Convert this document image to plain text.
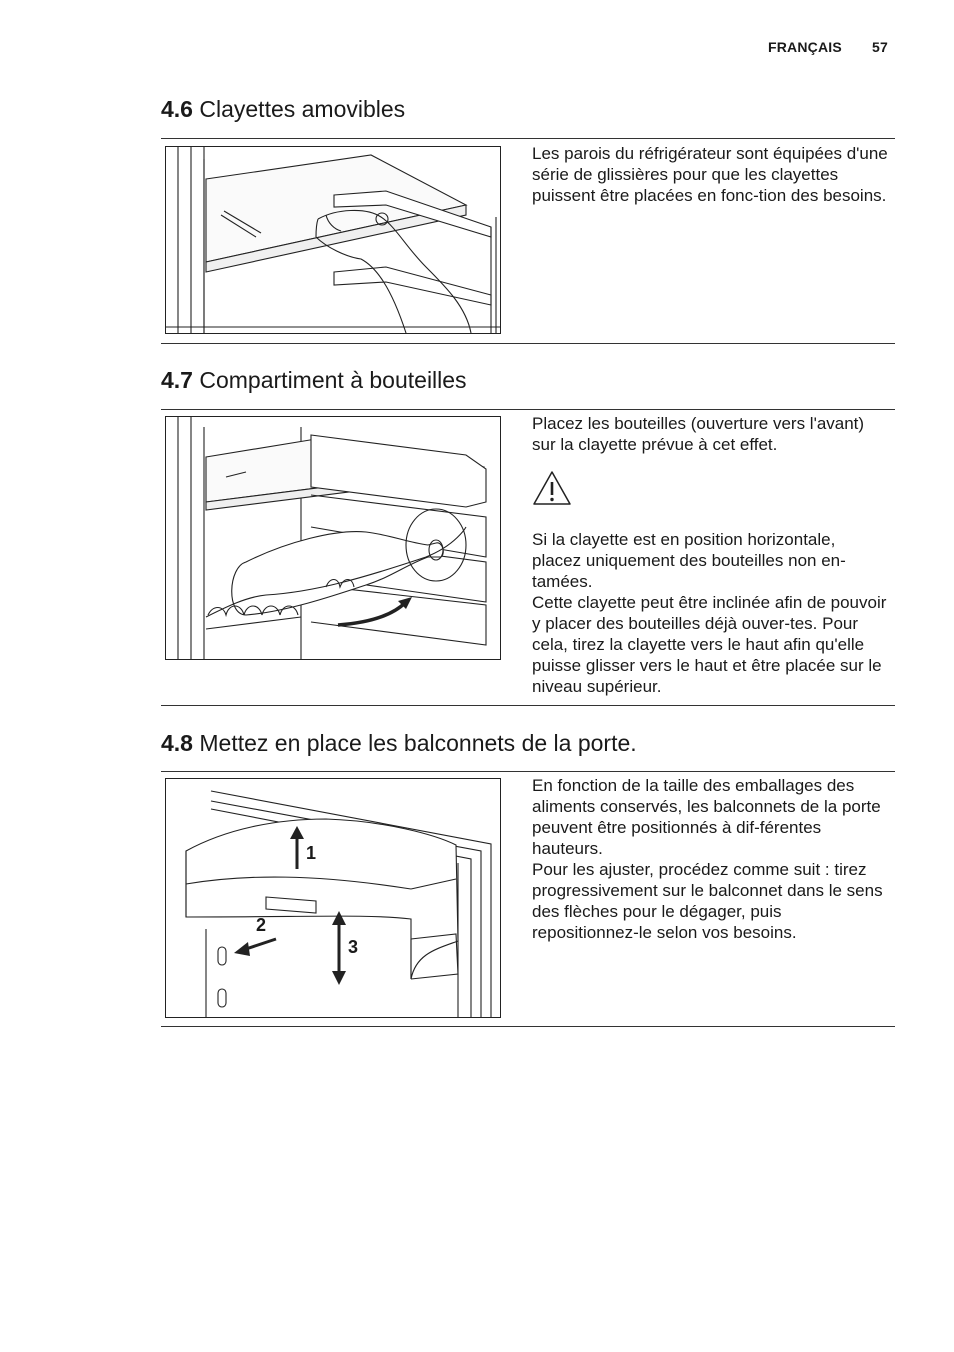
FRANÇAIS 57
4.6 Clayettes amovibles

Les parois du réfrigérateur sont équipées d'une série de glissières pour que les clayettes puissent être placées en fonc-tion des besoins.

4.7 Compartiment à bouteilles

Placez les bouteilles (ouverture vers l'avant) sur la clayette prévue à cet effet.

Si la clayette est en position horizontale, placez uniquement des bouteilles non en-tamées.

Cette clayette peut être inclinée afin de pouvoir y placer des bouteilles déjà ouver-tes. Pour cela, tirez la clayette vers le haut afin qu'elle puisse glisser vers le haut et être placée sur le niveau supérieur.

4.8 Mettez en place les balconnets de la porte.
1
2
3

En fonction de la taille des emballages des aliments conservés, les balconnets de la porte peuvent être positionnés à dif-férentes hauteurs.

Pour les ajuster, procédez comme suit : tirez progressivement sur le balconnet dans le sens des flèches pour le dégager, puis repositionnez-le selon vos besoins.
